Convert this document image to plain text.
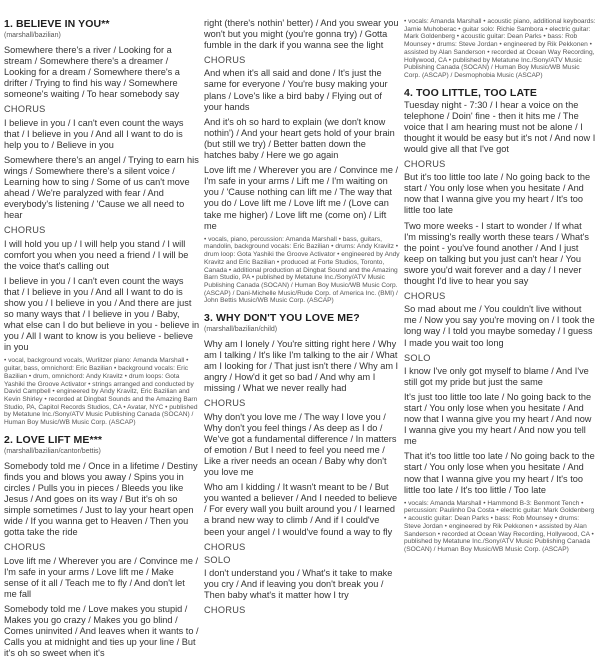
1. BELIEVE IN YOU**
(marshall/bazilian)
Somewhere there's a river / Looking for a stream / Somewhere there's a dreamer / Looking for a dream / Somewhere there's a drifter / Trying to find his way / Somewhere someone's waiting / To hear somebody say
CHORUS
I believe in you / I can't even count the ways that / I believe in you / And all I want to do is help you to / Believe in you
Somewhere there's an angel / Trying to earn his wings / Somewhere there's a silent voice / Learning how to sing / Some of us can't move ahead / We're paralyzed with fear / And everybody's listening / 'Cause we all need to hear
CHORUS
I will hold you up / I will help you stand / I will comfort you when you need a friend / I will be the voice that's calling out
I believe in you / I can't even count the ways that / I believe in you / And all I want to do is show you / I believe in you / And there are just so many ways that / I believe in you / Baby, what else can I do but believe in you - believe in you / All I want to know is you believe - believe in you
• vocal, background vocals, Wurlitzer piano: Amanda Marshall • guitar, bass, omnichord: Eric Bazilian • background vocals: Eric Bazilian • drum, omnichord: Andy Kravitz • drum loops: Gota Yashiki the Groove Activator • strings arranged and conducted by David Campbell • engineered by Andy Kravitz, Eric Bazilian and Kevin Shirley • recorded at Dingbat Sounds and the Amazing Barn Studio, PA, Capitol Records Studios, CA • Avatar, NYC • published by Metatune Inc./Sony/ATV Music Publishing Canada (SOCAN) / Human Boy Music/WB Music Corp. (ASCAP)
2. LOVE LIFT ME***
(marshall/bazilian/cantor/bettis)
Somebody told me / Once in a lifetime / Destiny finds you and blows you away / Spins you in circles / Pulls you in pieces / Bleeds you like Jesus / And goes on its way / But it's oh so simple sometimes / Just to lay your heart open wide / If you wanna get to Heaven / Then you gotta take the ride
CHORUS
Love lift me / Wherever you are / Convince me / I'm safe in your arms / Love lift me / Make sense of it all / Teach me to fly / And don't let me fall
Somebody told me / Love makes you stupid / Makes you go crazy / Makes you go blind / Comes uninvited / And leaves when it wants to / Calls you at midnight and ties up your line / But it's oh so sweet when it's
right (there's nothin' better) / And you swear you won't but you might (you're gonna try) / Gotta fumble in the dark if you wanna see the light
CHORUS
And when it's all said and done / It's just the same for everyone / You're busy making your plans / Love's like a bird baby / Flying out of your hands
And it's oh so hard to explain (we don't know nothin') / And your heart gets hold of your brain (but still we try) / Better batten down the hatches baby / Here we go again
Love lift me / Wherever you are / Convince me / I'm safe in your arms / Lift me / I'm waiting on you / 'Cause nothing can lift me / The way that you do / Love lift me / Love lift me / (Love can take me higher) / Love lift me (come on) / Lift me
• vocals, piano, percussion: Amanda Marshall • bass, guitars, mandolin, background vocals: Eric Bazilian • drums: Andy Kravitz • drum loop: Gota Yashiki the Groove Activator • engineered by Andy Kravitz and Eric Bazilian • produced at Forte Studios, Toronto, Canada • additional production at Dingbat Sound and the Amazing Barn Studio, PA • published by Metatune Inc./Sony/ATV Music Publishing Canada (SOCAN) / Human Boy Music/WB Music Corp. (ASCAP) / Dani-Michelle Music/Rude Corp. of America Inc. (BMI) / John Bettis Music/WB Music Corp. (ASCAP)
3. WHY DON'T YOU LOVE ME?
(marshall/bazilian/child)
Why am I lonely / You're sitting right here / Why am I talking / It's like I'm talking to the air / What am I looking for / That just isn't there / Why am I angry / How'd it get so bad / And why am I missing / What we never really had
CHORUS
Why don't you love me / The way I love you / Why don't you feel things / As deep as I do / We've got a fundamental difference / In matters of emotion / But I need to feel you need me / Like a river needs an ocean / Baby why don't you love me
Who am I kidding / It wasn't meant to be / But you wanted a believer / And I needed to believe / For every wall you built around you / I learned a brand new way to climb / And if I could've been your angel / I would've found a way to fly
CHORUS
SOLO
I don't understand you / What's it take to make you cry / And if leaving you don't break you / Then baby what's it matter how I try
CHORUS
• vocals: Amanda Marshall • acoustic piano, additional keyboards: Jamie Muhoberac • guitar solo: Richie Sambora • electric guitar: Mark Goldenberg • acoustic guitar: Dean Parks • bass: Rob Mounsey • drums: Steve Jordan • engineered by Rik Pekkonen • assisted by Alan Sanderson • recorded at Ocean Way Recording, Hollywood, CA • published by Metatune Inc./Sony/ATV Music Publishing Canada (SOCAN) / Human Boy Music/WB Music Corp. (ASCAP) / Desmophobia Music (ASCAP)
4. TOO LITTLE, TOO LATE
Tuesday night - 7:30 / I hear a voice on the telephone / Doin' fine - then it hits me / The voice that I am hearing must not be alone / I thought it would be easy but it's not / And now I would give all that I've got
CHORUS
But it's too little too late / No going back to the start / You only lose when you hesitate / And now that I wanna give you my heart / It's too little too late
Two more weeks - I start to wonder / If what I'm missing's really worth these tears / What's the point - you've found another / And I just keep on talking but you just can't hear / You swore you'd wait forever and a day / I never thought I'd live to hear you say
CHORUS
So mad about me / You couldn't live without me / Now you say you're moving on / I took the long way / I told you maybe someday / I guess I made you wait too long
SOLO
I know I've only got myself to blame / And I've still got my pride but just the same
It's just too little too late / No going back to the start / You only lose when you hesitate / And now that I wanna give you my heart / And now I wanna give you my heart / And now you tell me
That it's too little too late / No going back to the start / You only lose when you hesitate / And now that I wanna give you my heart / It's too little too late / It's too little / Too late
• vocals: Amanda Marshall • Hammond B-3: Benmont Tench • percussion: Paulinho Da Costa • electric guitar: Mark Goldenberg • acoustic guitar: Dean Parks • bass: Rob Mounsey • drums: Steve Jordan • engineered by Rik Pekkonen • assisted by Alan Sanderson • recorded at Ocean Way Recording, Hollywood, CA • published by Metatune Inc./Sony/ATV Music Publishing Canada (SOCAN) / Human Boy Music/WB Music Corp. (ASCAP)
